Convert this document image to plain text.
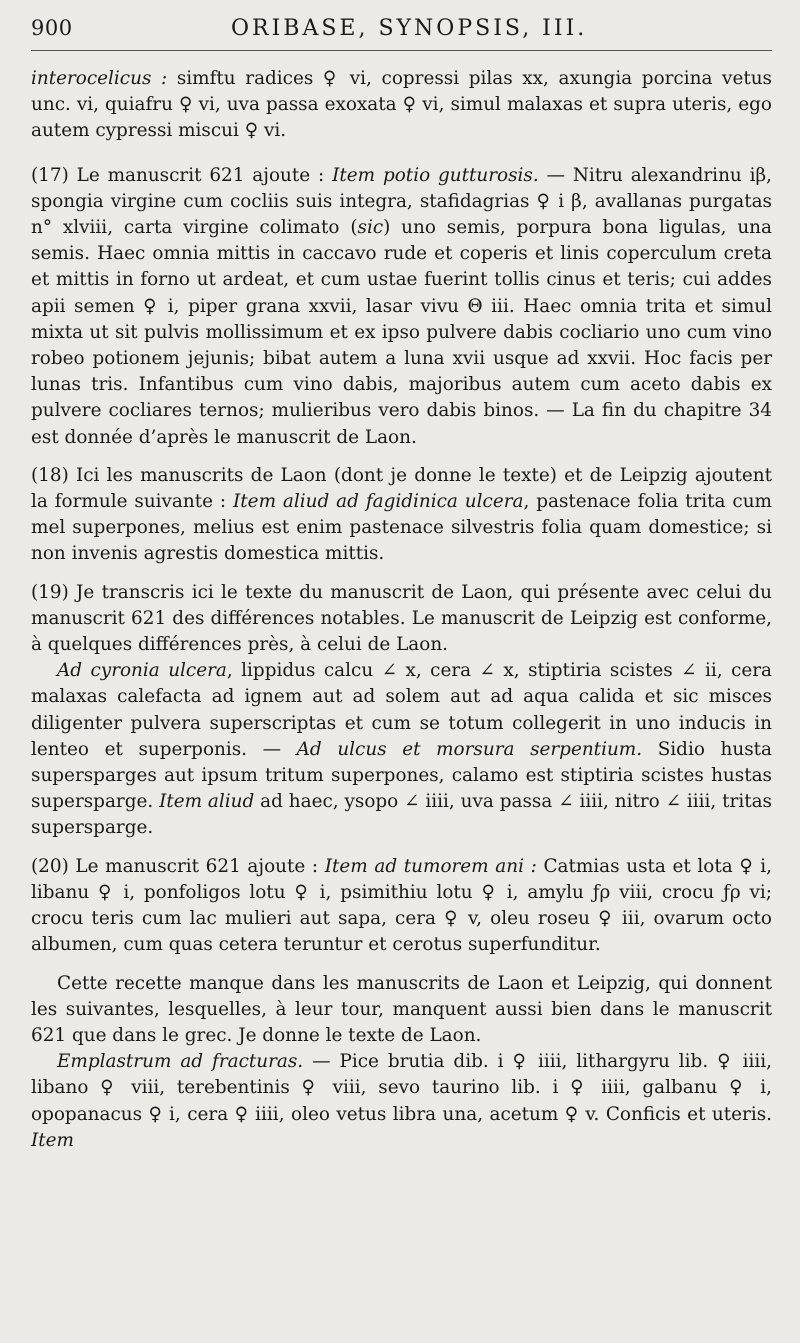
900	ORIBASE, SYNOPSIS, III.

interocelicus : simftu radices ♀ vi, copressi pilas xx, axungia porcina vetus unc. vi, quiafru ♀ vi, uva passa exoxata ♀ vi, simul malaxas et supra uteris, ego autem cypressi miscui ♀ vi.

(17) Le manuscrit 621 ajoute : Item potio gutturosis. — Nitru alexandrinu iβ, spongia virgine cum cocliis suis integra, stafidagrias ♀ i β, avallanas purgatas n° xlviii, carta virgine colimato (sic) uno semis, porpura bona ligulas, una semis. Haec omnia mittis in caccavo rude et coperis et linis coperculum creta et mittis in forno ut ardeat, et cum ustae fuerint tollis cinus et teris; cui addes apii semen ♀ i, piper grana xxvii, lasar vivu Θ iii. Haec omnia trita et simul mixta ut sit pulvis mollissimum et ex ipso pulvere dabis cocliario uno cum vino robeo potionem jejunis; bibat autem a luna xvii usque ad xxvii. Hoc facis per lunas tris. Infantibus cum vino dabis, majoribus autem cum aceto dabis ex pulvere cocliares ternos; mulieribus vero dabis binos. — La fin du chapitre 34 est donnée d’après le manuscrit de Laon.

(18) Ici les manuscrits de Laon (dont je donne le texte) et de Leipzig ajoutent la formule suivante : Item aliud ad fagidinica ulcera, pastenace folia trita cum mel superpones, melius est enim pastenace silvestris folia quam domestice; si non invenis agrestis domestica mittis.

(19) Je transcris ici le texte du manuscrit de Laon, qui présente avec celui du manuscrit 621 des différences notables. Le manuscrit de Leipzig est conforme, à quelques différences près, à celui de Laon.

Ad cyronia ulcera, lippidus calcu ∠ x, cera ∠ x, stiptiria scistes ∠ ii, cera malaxas calefacta ad ignem aut ad solem aut ad aqua calida et sic misces diligenter pulvera superscriptas et cum se totum collegerit in uno inducis in lenteo et superponis. — Ad ulcus et morsura serpentium. Sidio husta supersparges aut ipsum tritum superpones, calamo est stiptiria scistes hustas supersparge. Item aliud ad haec, ysopo ∠ iiii, uva passa ∠ iiii, nitro ∠ iiii, tritas supersparge.

(20) Le manuscrit 621 ajoute : Item ad tumorem ani : Catmias usta et lota ♀ i, libanu ♀ i, ponfoligos lotu ♀ i, psimithiu lotu ♀ i, amylu ƒρ viii, crocu ƒρ vi; crocu teris cum lac mulieri aut sapa, cera ♀ v, oleu roseu ♀ iii, ovarum octo albumen, cum quas cetera teruntur et cerotus superfunditur.

Cette recette manque dans les manuscrits de Laon et Leipzig, qui donnent les suivantes, lesquelles, à leur tour, manquent aussi bien dans le manuscrit 621 que dans le grec. Je donne le texte de Laon.

Emplastrum ad fracturas. — Pice brutia dib. i ♀ iiii, lithargyru lib. ♀ iiii, libano ♀ viii, terebentinis ♀ viii, sevo taurino lib. i ♀ iiii, galbanu ♀ i, opopanacus ♀ i, cera ♀ iiii, oleo vetus libra una, acetum ♀ v. Conficis et uteris. Item
